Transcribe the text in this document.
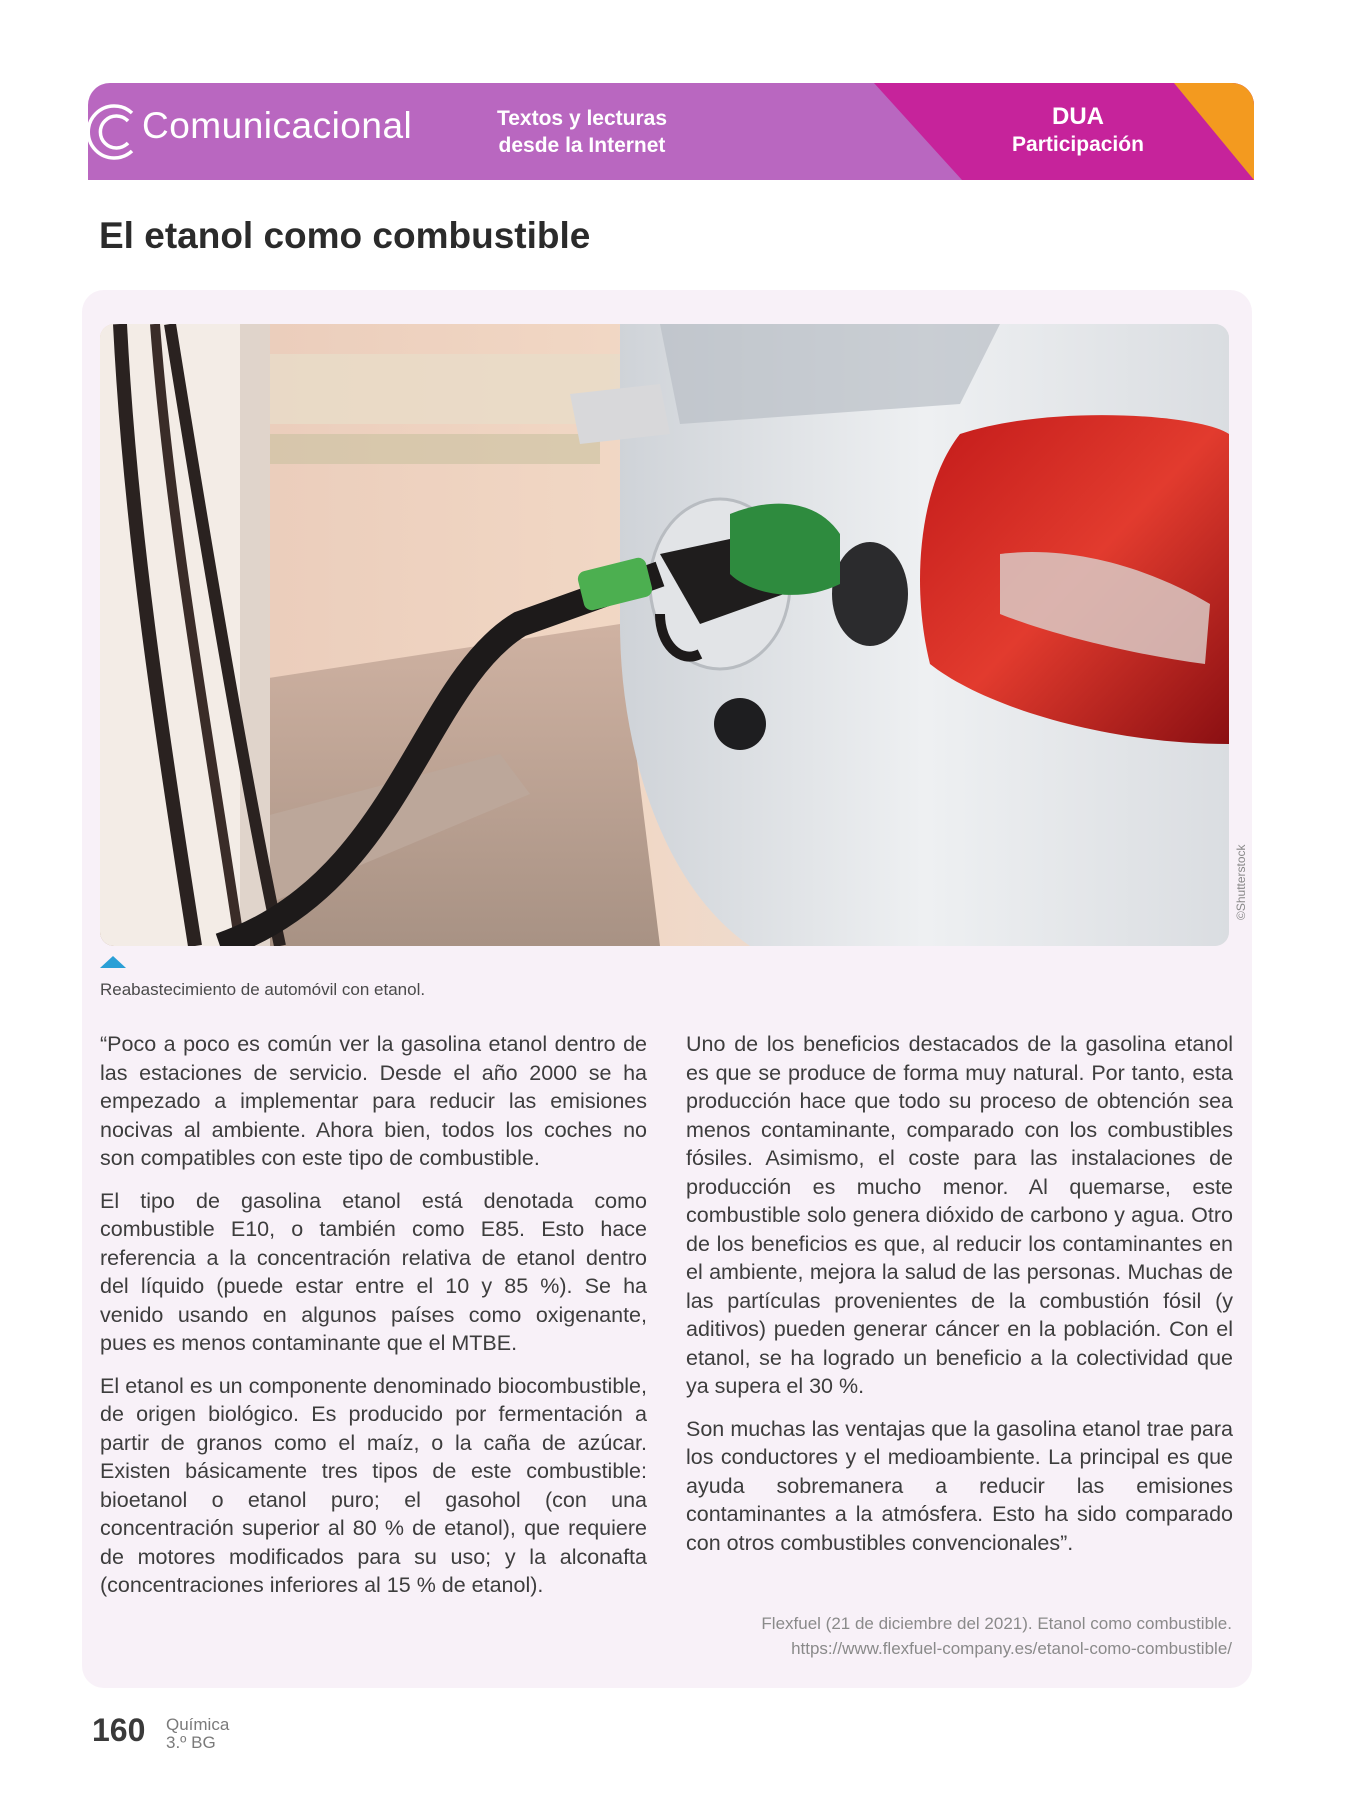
Comunicacional	Textos y lecturas
desde la Internet
DUA
Participación
El etanol como combustible
©Shutterstock
Reabastecimiento de automóvil con etanol.

“Poco a poco es común ver la gasolina etanol dentro de las estaciones de servicio. Desde el año 2000 se ha empezado a implementar para reducir las emisiones nocivas al ambiente. Ahora bien, todos los coches no son compatibles con este tipo de combustible.

El tipo de gasolina etanol está denotada como combustible E10, o también como E85. Esto hace referencia a la concentración relativa de etanol dentro del líquido (puede estar entre el 10 y 85 %). Se ha venido usando en algunos países como oxigenante, pues es menos contaminante que el MTBE.

El etanol es un componente denominado biocombustible, de origen biológico. Es producido por fermentación a partir de granos como el maíz, o la caña de azúcar. Existen básicamente tres tipos de este combustible: bioetanol o etanol puro; el gasohol (con una concentración superior al 80 % de etanol), que requiere de motores modificados para su uso; y la alconafta (concentraciones inferiores al 15 % de etanol).

Uno de los beneficios destacados de la gasolina etanol es que se produce de forma muy natural. Por tanto, esta producción hace que todo su proceso de obtención sea menos contaminante, comparado con los combustibles fósiles. Asimismo, el coste para las instalaciones de producción es mucho menor. Al quemarse, este combustible solo genera dióxido de carbono y agua. Otro de los beneficios es que, al reducir los contaminantes en el ambiente, mejora la salud de las personas. Muchas de las partículas provenientes de la combustión fósil (y aditivos) pueden generar cáncer en la población. Con el etanol, se ha logrado un beneficio a la colectividad que ya supera el 30 %.

Son muchas las ventajas que la gasolina etanol trae para los conductores y el medioambiente. La principal es que ayuda sobremanera a reducir las emisiones contaminantes a la atmósfera. Esto ha sido comparado con otros combustibles convencionales”.

Flexfuel (21 de diciembre del 2021). Etanol como combustible.
https://www.flexfuel-company.es/etanol-como-combustible/
160 Química
3.º BG
